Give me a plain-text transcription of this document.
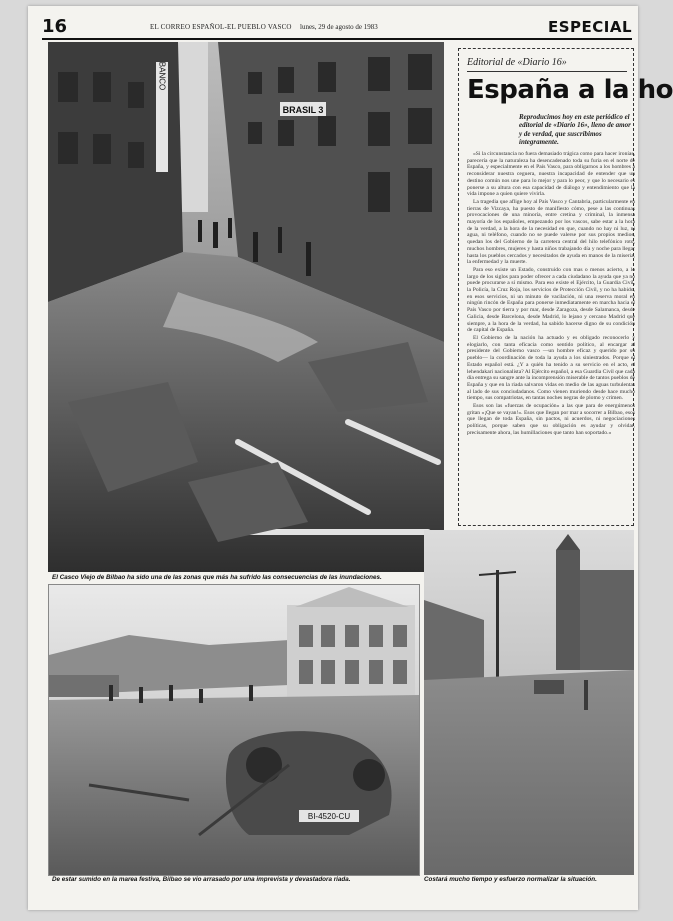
16	EL CORREO ESPAÑOL-EL PUEBLO VASCO lunes, 29 de agosto de 1983	ESPECIAL
BANCO
BRASIL 3
El Casco Viejo de Bilbao ha sido una de las zonas que más ha sufrido las consecuencias de las inundaciones.
Editorial de «Diario 16»
España a la ho
Reproducimos hoy en este periódico el editorial de «Diario 16», lleno de amor y de verdad, que suscribimos íntegramente.

«Si la circunstancia no fuera demasiado trágica como para hacer ironías, parecería que la naturaleza ha desencadenado toda su furia en el norte de España, y especialmente en el País Vasco, para obligarnos a los hombres a reconsiderar nuestra ceguera, nuestra incapacidad de entender que un destino común nos une para lo mejor y para lo peor, y que lo necesario es ponerse a su altura con esa capacidad de diálogo y entendimiento que la vida impone a quien quiere vivirla.

La tragedia que aflige hoy al País Vasco y Cantabria, particularmente en tierras de Vizcaya, ha puesto de manifiesto cómo, pese a las continuas provocaciones de una minoría, entre cretina y criminal, la inmensa mayoría de los españoles, empezando por los vascos, sabe estar a la hora de la verdad, a la hora de la necesidad en que, cuando no hay ni luz, ni agua, ni teléfono, cuando no se puede valerse por sus propios medios, quedan los del Gobierno de la carretera central del hilo telefónico roto, muchos hombres, mujeres y hasta niños trabajando día y noche para llegar hasta los pueblos cercados y necesitados de ayuda en manos de la miseria, la enfermedad y la muerte.

Para eso existe un Estado, construido con mas o menos acierto, a lo largo de los siglos para poder ofrecer a cada ciudadano la ayuda que ya no puede procurarse a sí mismo. Para eso existe el Ejército, la Guardia Civil, la Policía, la Cruz Roja, los servicios de Protección Civil, y no ha habido, en esos servicios, ni un minuto de vacilación, ni una reserva moral en ningún rincón de España para ponerse inmediatamente en marcha hacia el País Vasco por tierra y por mar, desde Zaragoza, desde Salamanca, desde Galicia, desde Barcelona, desde Madrid, lo lejano y cercano Madrid que siempre, a la hora de la verdad, ha sabido hacerse digno de su condición de capital de España.

El Gobierno de la nación ha actuado y es obligado reconocerlo y elogiarlo, con tanta eficacia como sentido político, al encargar al presidente del Gobierno vasco —un hombre eficaz y querido por su pueblo— la coordinación de toda la ayuda a los siniestrados. Porque el Estado español está. ¿Y a quién ha tenido a su servicio en el acto, el lehendakari nacionalista? Al Ejército español, a esa Guardia Civil que cada día entrega su sangre ante la incomprensión miserable de tantos pueblos de España y que en la riada salvaron vidas en medio de las aguas turbulentas al lado de sus conciudadanos. Como vienen muriendo desde hace mucho tiempo, sus compatriotas, en tantas noches negras de plomo y crimen.

Esos son las «fuerzas de ocupación» a las que para de energúmenos gritan «¡Que se vayan!». Esos que llegan por mar a socorrer a Bilbao, esos que llegan de toda España, sin pactos, ni acuerdos, ni negociaciones políticas, porque saben que su obligación es ayudar y olvidar, precisamente ahora, las humillaciones que tanto han soportado.»

BI-4520-CU
De estar sumido en la marea festiva, Bilbao se vio arrasado por una imprevista y devastadora riada.	Costará mucho tiempo y esfuerzo normalizar la situación.
